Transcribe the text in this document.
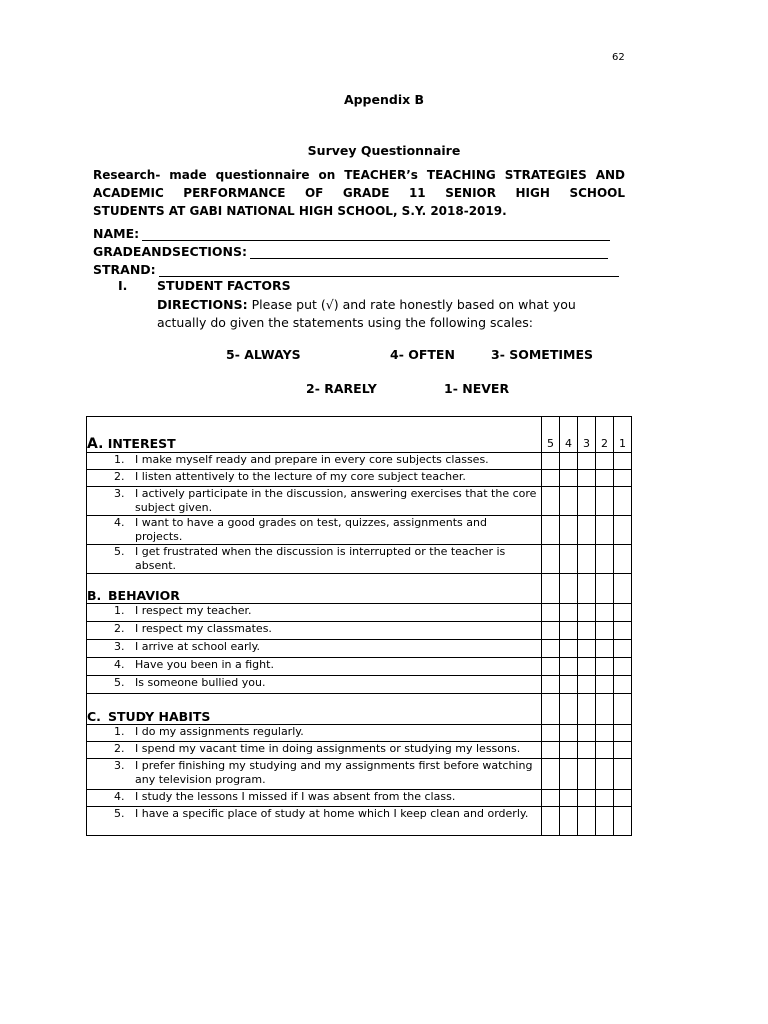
62
Appendix B
Survey Questionnaire
Research- made questionnaire on TEACHER’s TEACHING STRATEGIES AND
ACADEMIC PERFORMANCE OF GRADE 11 SENIOR HIGH SCHOOL
STUDENTS AT GABI NATIONAL HIGH SCHOOL, S.Y. 2018-2019.
NAME:
GRADEANDSECTIONS:
STRAND:
I. STUDENT FACTORS
DIRECTIONS: Please put (√) and rate honestly based on what you
actually do given the statements using the following scales:
5- ALWAYS	4- OFTEN	3- SOMETIMES
2- RARELY	1- NEVER
A. INTEREST	5	4	3	2	1

1. I make myself ready and prepare in every core subjects classes.					

2. I listen attentively to the lecture of my core subject teacher.					

3. I actively participate in the discussion, answering exercises that the core subject given.					

4. I want to have a good grades on test, quizzes, assignments and projects.					

5. I get frustrated when the discussion is interrupted or the teacher is absent.					

B. BEHAVIOR					

1. I respect my teacher.					

2. I respect my classmates.					

3. I arrive at school early.					

4. Have you been in a fight.					

5. Is someone bullied you.					

C. STUDY HABITS					

1. I do my assignments regularly.					

2. I spend my vacant time in doing assignments or studying my lessons.					

3. I prefer finishing my studying and my assignments first before watching any television program.					

4. I study the lessons I missed if I was absent from the class.					

5. I have a specific place of study at home which I keep clean and orderly.					
